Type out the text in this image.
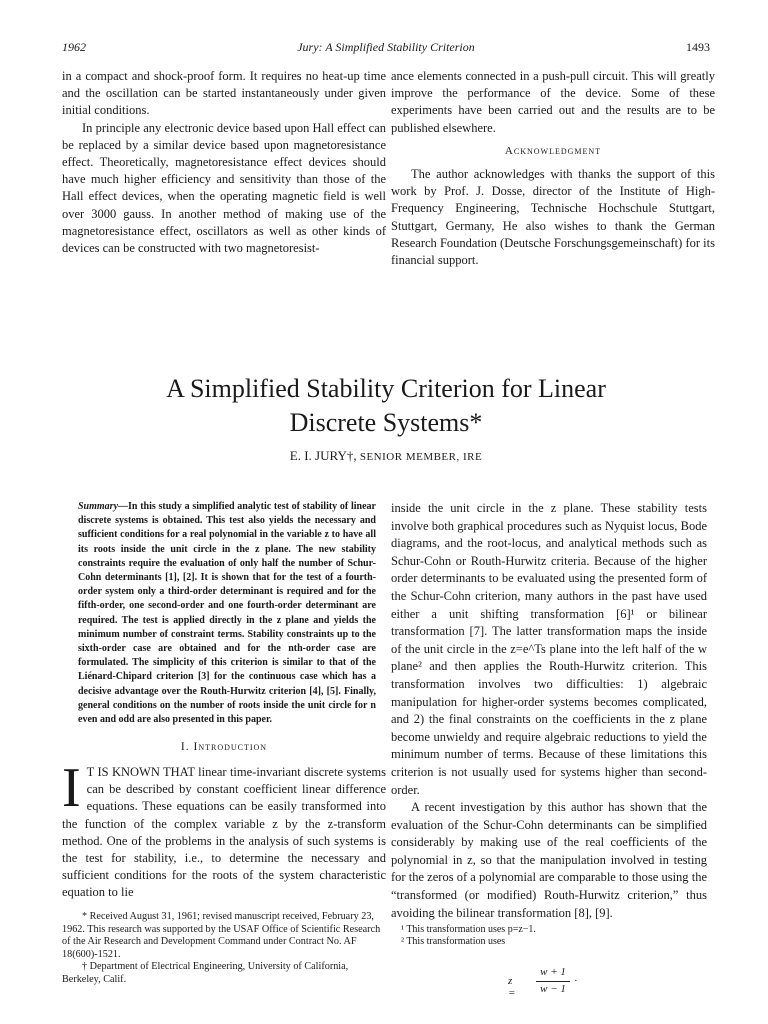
1962	Jury: A Simplified Stability Criterion	1493

in a compact and shock-proof form. It requires no heat-up time and the oscillation can be started instantaneously under given initial conditions.

In principle any electronic device based upon Hall effect can be replaced by a similar device based upon magnetoresistance effect. Theoretically, magnetoresistance effect devices should have much higher efficiency and sensitivity than those of the Hall effect devices, when the operating magnetic field is well over 3000 gauss. In another method of making use of the magnetoresistance effect, oscillators as well as other kinds of devices can be constructed with two magnetoresist-

ance elements connected in a push-pull circuit. This will greatly improve the performance of the device. Some of these experiments have been carried out and the results are to be published elsewhere.

Acknowledgment

The author acknowledges with thanks the support of this work by Prof. J. Dosse, director of the Institute of High-Frequency Engineering, Technische Hochschule Stuttgart, Stuttgart, Germany, He also wishes to thank the German Research Foundation (Deutsche Forschungsgemeinschaft) for its financial support.

A Simplified Stability Criterion for Linear
Discrete Systems*
E. I. JURY†, SENIOR MEMBER, IRE
Summary—In this study a simplified analytic test of stability of linear discrete systems is obtained. This test also yields the necessary and sufficient conditions for a real polynomial in the variable z to have all its roots inside the unit circle in the z plane. The new stability constraints require the evaluation of only half the number of Schur-Cohn determinants [1], [2]. It is shown that for the test of a fourth-order system only a third-order determinant is required and for the fifth-order, one second-order and one fourth-order determinant are required. The test is applied directly in the z plane and yields the minimum number of constraint terms. Stability constraints up to the sixth-order case are obtained and for the nth-order case are formulated. The simplicity of this criterion is similar to that of the Liénard-Chipard criterion [3] for the continuous case which has a decisive advantage over the Routh-Hurwitz criterion [4], [5]. Finally, general conditions on the number of roots inside the unit circle for n even and odd are also presented in this paper.
I. Introduction
I T IS KNOWN THAT linear time-invariant discrete systems can be described by constant coefficient linear difference equations. These equations can be easily transformed into the function of the complex variable z by the z-transform method. One of the problems in the analysis of such systems is the test for stability, i.e., to determine the necessary and sufficient conditions for the roots of the system characteristic equation to lie

* Received August 31, 1961; revised manuscript received, February 23, 1962. This research was supported by the USAF Office of Scientific Research of the Air Research and Development Command under Contract No. AF 18(600)-1521.

† Department of Electrical Engineering, University of California, Berkeley, Calif.

inside the unit circle in the z plane. These stability tests involve both graphical procedures such as Nyquist locus, Bode diagrams, and the root-locus, and analytical methods such as Schur-Cohn or Routh-Hurwitz criteria. Because of the higher order determinants to be evaluated using the presented form of the Schur-Cohn criterion, many authors in the past have used either a unit shifting transformation [6]¹ or bilinear transformation [7]. The latter transformation maps the inside of the unit circle in the z=e^Ts plane into the left half of the w plane² and then applies the Routh-Hurwitz criterion. This transformation involves two difficulties: 1) algebraic manipulation for higher-order systems becomes complicated, and 2) the final constraints on the coefficients in the z plane become unwieldy and require algebraic reductions to yield the minimum number of terms. Because of these limitations this criterion is not usually used for systems higher than second-order.

A recent investigation by this author has shown that the evaluation of the Schur-Cohn determinants can be simplified considerably by making use of the real coefficients of the polynomial in z, so that the manipulation involved in testing for the zeros of a polynomial are comparable to those using the “transformed (or modified) Routh-Hurwitz criterion,” thus avoiding the bilinear transformation [8], [9].

¹ This transformation uses p=z−1.

² This transformation uses

z =
w + 1
w − 1
·
